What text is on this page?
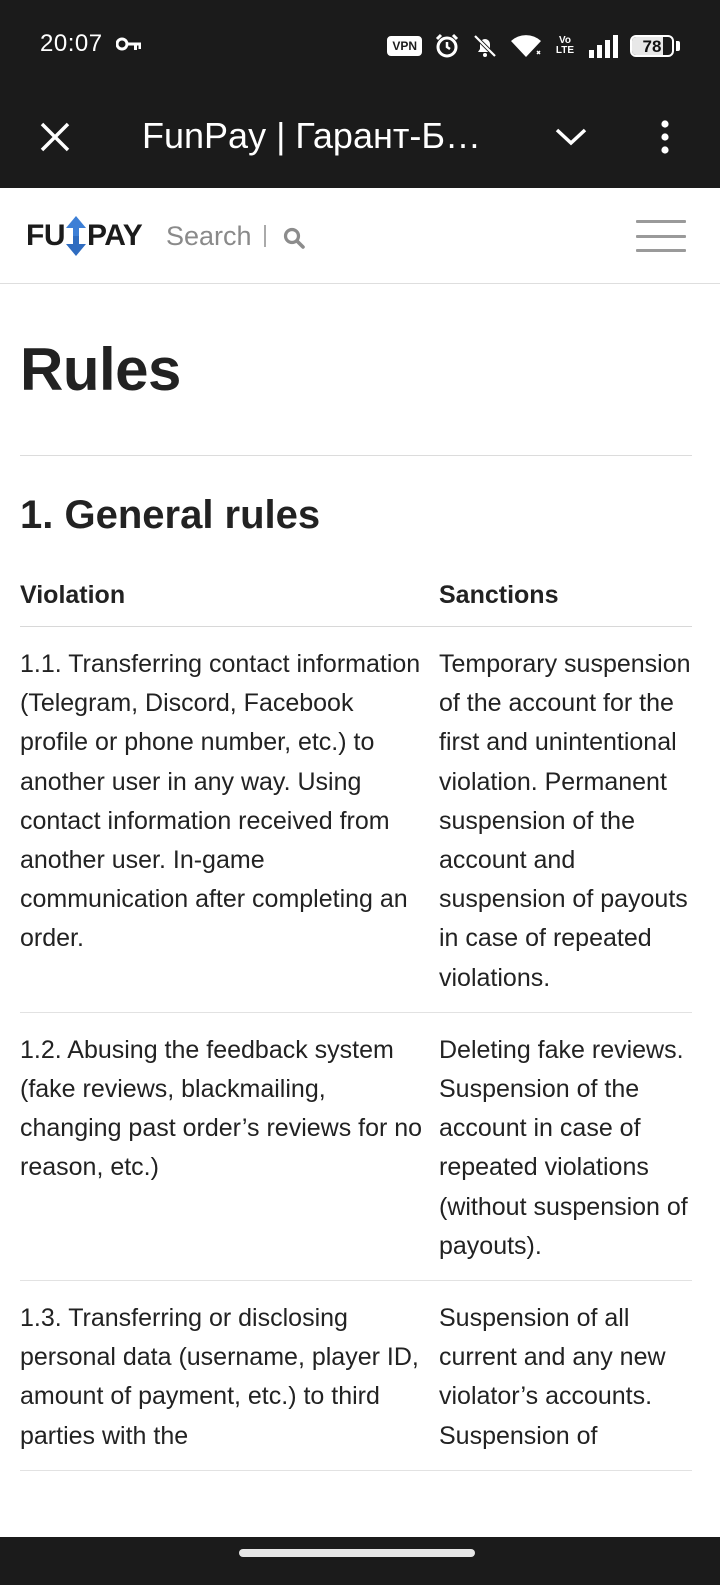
20:07	VPN	Vo LTE	78
FunPay | Гарант-Б…
FU PAY
Search
Rules
1. General rules
Violation	Sanctions
1.1. Transferring contact information (Telegram, Discord, Facebook profile or phone number, etc.) to another user in any way. Using contact information received from another user. In-game communication after completing an order.	Temporary suspension of the account for the first and unintentional violation. Permanent suspension of the account and suspension of payouts in case of repeated violations.
1.2. Abusing the feedback system (fake reviews, blackmailing, changing past order’s reviews for no reason, etc.)	Deleting fake reviews. Suspension of the account in case of repeated violations (without suspension of payouts).
1.3. Transferring or disclosing personal data (username, player ID, amount of payment, etc.) to third parties with the	Suspension of all current and any new violator’s accounts. Suspension of
